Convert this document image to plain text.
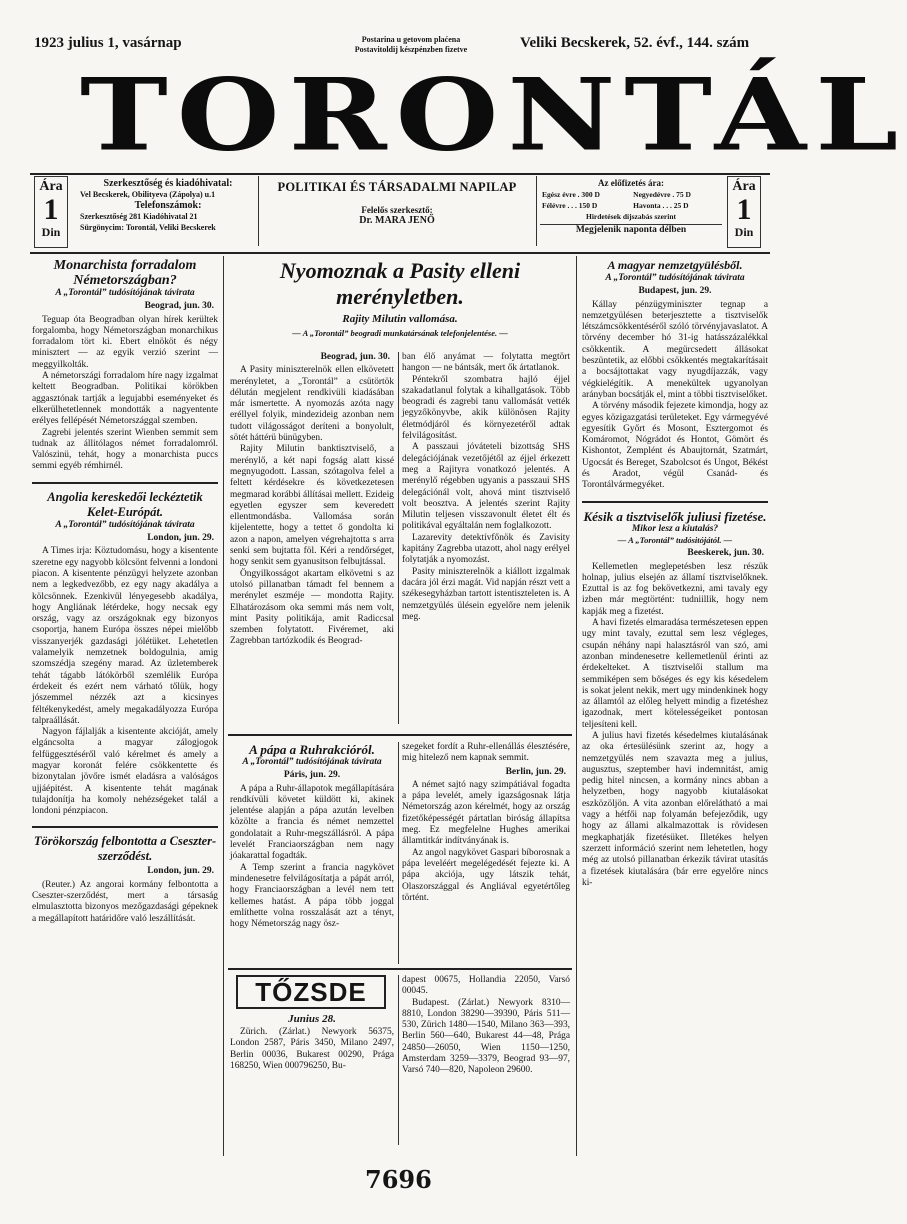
1923 julius 1, vasárnap	Postarina u getovom plaćena
Postavitoldij készpénzben fizetve	Veliki Becskerek, 52. évf., 144. szám
TORONTÁL
Ára
1
Din
Ára
1
Din
Szerkesztőség és kiadóhivatal:
Vel Becskerek, Obilityeva (Zápolya) u.1
Telefonszámok:
Szerkesztőség 281 Kiadóhivatal 21
Sürgönycim: Torontál, Veliki Becskerek
POLITIKAI ÉS TÁRSADALMI NAPILAP
Felelős szerkesztő:
Dr. MARA JENŐ
Az előfizetés ára:
Egész évre . 300 D	Negyedévre . 75 D
Félévre . . . 150 D	Havonta . . . 25 D
Hirdetések díjszabás szerint
Megjelenik naponta délben
Monarchista forradalom Németországban?
A „Torontál” tudósítójának távirata
Beograd, jun. 30.

Teguap óta Beogradban olyan hírek kerültek forgalomba, hogy Németországban monarchikus forradalom tört ki. Ebert elnököt és négy minisztert — az egyik verzió szerint — meggyilkolták.

A németországi forradalom híre nagy izgalmat keltett Beogradban. Politikai körökben aggasztónak tartják a legujabbi eseményeket és elkerülhetetlennek mondották a nagyentente erélyes fellépését Németországgal szemben.

Zagrebi jelentés szerint Wienben semmit sem tudnak az állitólagos német forradalomról. Valószinü, tehát, hogy a monarchista puccs semmi egyéb rémhirnél.

Angolia kereskedői leckéztetik Kelet-Európát.
A „Torontál” tudósítójának távirata
London, jun. 29.

A Times irja: Köztudomásu, hogy a kisentente szeretne egy nagyobb kölcsönt felvenni a londoni piacon. A kisentente pénzügyi helyzete azonban nem a legkedvezőbb, ez egy nagy akadálya a kölcsönnek. Ezenkivül lényegesebb akadálya, hogy Angliának létérdeke, hogy necsak egy ország, vagy az országoknak egy bizonyos csoportja, hanem Európa összes népei mielőbb visszanyerjék gazdasági jólétüket. Lehetetlen valamelyik nemzetnek boldogulnia, amig szomszédja szegény marad. Az üzletemberek tehát tágabb látókörből szemlélik Európa érdekeit és ezért nem várható tőlük, hogy jószemmel nézzék azt a kicsinyes féltékenykedést, amely megakadályozza Európa talpraállását.

Nagyon fájlalják a kisentente akcióját, amely elgáncsolta a magyar zálogjogok felfüggesztéséről való kérelmet és amely a magyar koronát felére csökkentette és bizonytalan jövőre ismét eladásra a valóságos ujjáépitést. A kisentente tehát magának tulajdonítja ha komoly nehézségeket talál a londoni pénzpiacon.

Törökország felbontotta a Cseszter-szerződést.
London, jun. 29.

(Reuter.) Az angorai kormány felbontotta a Cseszter-szerződést, mert a társaság elmulasztotta bizonyos mezőgazdasági gépeknek a megállapított határidőre való leszállítását.

Nyomoznak a Pasity elleni merényletben.
Rajity Milutin vallomása.
— A „Torontál” beogradi munkatársának telefonjelentése. —
Beograd, jun. 30.

A Pasity miniszterelnök ellen elkövetett merényletet, a „Torontál” a csütörtök délután megjelent rendkivüli kiadásában már ismertette. A nyomozás azóta nagy eréllyel folyik, mindezideig azonban nem tudott világosságot deríteni a bonyolult, sötét háttérü bünügyben.

Rajity Milutin banktisztviselő, a merénylő, a két napi fogság alatt kissé megnyugodott. Lassan, szótagolva felel a feltett kérdésekre és következetesen megmarad korábbi állításai mellett. Ezideig egyetlen egyszer sem keveredett ellentmondásba. Vallomása során kijelentette, hogy a tettet ő gondolta ki azon a napon, amelyen végrehajtotta s arra senki sem bujtatta föl. Kéri a rendőrséget, hogy senkit sem gyanusitson felbujtással.

Öngyilkosságot akartam elkövetni s az utolsó pillanatban támadt fel bennem a merénylet eszméje — mondotta Rajity. Elhatározásom oka semmi más nem volt, mint Pasity politikája, amit Radiccsal szemben folytatott. Fivéremet, aki Zagrebban tartózkodik és Beograd-

ban élő anyámat — folytatta megtört hangon — ne bántsák, mert ők ártatlanok.

Péntekről szombatra hajló éjjel szakadatlanul folytak a kihallgatások. Több beogradi és zagrebi tanu vallomását vették jegyzőkönyvbe, akik különösen Rajity életmódjáról és környezetéről adtak felvilágosítást.

A passzaui jóváteteli bizottság SHS delegációjának vezetőjétől az éjjel érkezett meg a Rajityra vonatkozó jelentés. A merénylő régebben ugyanis a passzaui SHS delegációnál volt, ahová mint tisztviselő volt beosztva. A jelentés szerint Rajity Milutin teljesen visszavonult életet élt és politikával egyáltalán nem foglalkozott.

Lazarevity detektívfőnök és Zavisity kapitány Zagrebba utazott, ahol nagy erélyel folytatják a nyomozást.

Pasity miniszterelnök a kiállott izgalmak dacára jól érzi magát. Vid napján részt vett a székesegyházban tartott istentiszteleten is. A nemzetgyülés ülésein egyelőre nem jelenik meg.

A pápa a Ruhrakcióról.
A „Torontál” tudósítójának távirata
Páris, jun. 29.

A pápa a Ruhr-állapotok megállapítására rendkívüli követet küldött ki, akinek jelentése alapján a pápa azután levelben közölte a francia és német nemzettel gondolatait a Ruhr-megszállásról. A pápa levelét Franciaországban nem nagy jóakarattal fogadták.

A Temp szerint a francia nagykövet mindenesetre felvilágosítatja a pápát arról, hogy Franciaországban a levél nem tett kellemes hatást. A pápa több joggal említhette volna rosszalását azt a tényt, hogy Németország nagy ösz-

szegeket fordít a Ruhr-ellenállás élesztésére, mig hitelező nem kapnak semmit.

Berlin, jun. 29.

A német sajtó nagy szimpátiával fogadta a pápa levelét, amely igazságosnak látja Németország azon kérelmét, hogy az ország fizetőképességét pártatlan biróság állapítsa meg. Ez megfelelne Hughes amerikai államtitkár indítványának is.

Az angol nagykövet Gaspari bíborosnak a pápa leveléért megelégedését fejezte ki. A pápa akciója, ugy látszik tehát, Olaszországgal és Angliával egyetértőleg történt.

TŐZSDE
Junius 28.

Zürich. (Zárlat.) Newyork 56375, London 2587, Páris 3450, Milano 2497, Berlin 00036, Bukarest 00290, Prága 168250, Wien 000796250, Bu-

dapest 00675, Hollandia 22050, Varsó 00045.

Budapest. (Zárlat.) Newyork 8310—8810, London 38290—39390, Páris 511—530, Zürich 1480—1540, Milano 363—393, Berlin 560—640, Bukarest 44—48, Prága 24850—26050, Wien 1150—1250, Amsterdam 3259—3379, Beograd 93—97, Varsó 740—820, Napoleon 29600.

A magyar nemzetgyülésből.
A „Torontál” tudósítójának távirata
Budapest, jun. 29.

Kállay pénzügyminiszter tegnap a nemzetgyülésen beterjesztette a tisztviselők létszámcsökkentéséről szóló törvényjavaslatot. A törvény december hó 31-ig hatásszázalékkal csökkentik. A megürcsedett állásokat beszüntetik, az előbbi csökkentés megtakarításait a bocsájtottakat vagy nyugdíjazzák, vagy végkielégítik. A menekültek ugyanolyan arányban bocsátják el, mint a többi tisztviselőket.

A törvény második fejezete kimondja, hogy az egyes közigazgatási területeket. Egy vármegyévé egyesítik Győrt és Mosont, Esztergomot és Komáromot, Nógrádot és Hontot, Gömört és Kishontot, Zemplént és Abaujtornát, Szatmárt, Ugocsát és Bereget, Szabolcsot és Ungot, Békést és Aradot, végül Csanád- és Torontálvármegyéket.

Késik a tisztviselők juliusi fizetése.
Mikor lesz a kiutalás?
— A „Torontál” tudósitójától. —
Beeskerek, jun. 30.

Kellemetlen meglepetésben lesz részük holnap, julius elsején az államí tisztviselőknek. Ezuttal is az fog bekövetkezni, ami tavaly egy izben már megtörtént: tudniillik, hogy nem kapják meg a fizetést.

A havi fizetés elmaradása természetesen eppen ugy mint tavaly, ezuttal sem lesz végleges, csupán néhány napi halasztásról van szó, ami azonban mindenesetre kellemetlenül érinti az érdekelteket. A tisztviselői stallum ma semmiképen sem bőséges és egy kis késedelem is sokat jelent nekik, mert ugy mindenkinek hogy az államtól az előleg helyett mindig a fizetéshez igazodnak, mert kötelességeiket pontosan teljesíteni kell.

A julius havi fizetés késedelmes kiutalásának az oka értesülésünk szerint az, hogy a nemzetgyülés nem szavazta meg a julius, augusztus, szeptember havi indemnitást, amig pedig hitel nincsen, a kormány nincs abban a helyzetben, hogy nagyobb kiutalásokat eszközöljön. A vita azonban előrelátható a mai vagy a hétfői nap folyamán befejeződik, ugy hogy az állami alkalmazottak is rövidesen megkaphatják fizetésüket. Illetékes helyen szerzett információ szerint nem lehetetlen, hogy még az utolsó pillanatban érkezik távirat utasítás a fizetések kiutalására (bár erre egyelőre nincs ki-

7696
